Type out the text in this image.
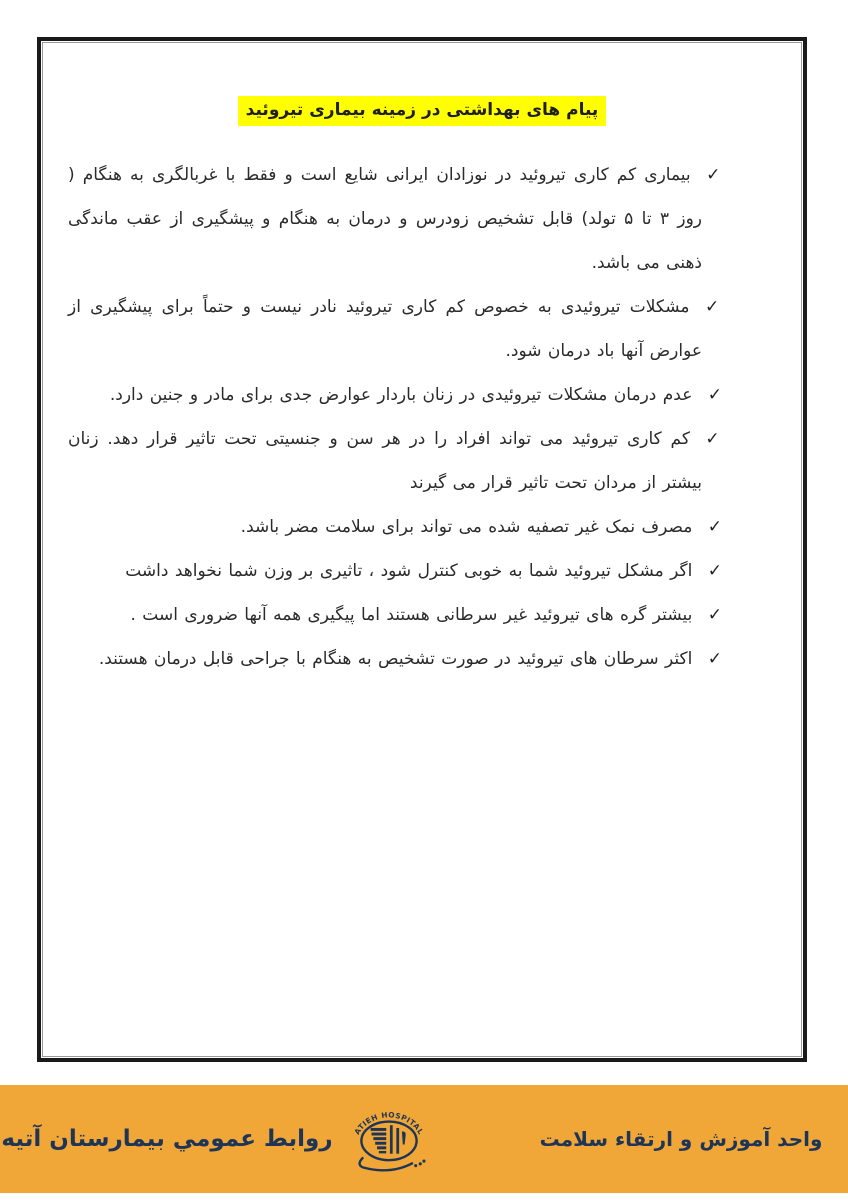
پیام های بهداشتی در زمینه بیماری تیروئید
✓ بیماری کم کاری تیروئید در نوزادان ایرانی شایع است و فقط با غربالگری به هنگام ( روز ۳ تا ۵ تولد) قابل تشخیص زودرس و درمان به هنگام و پیشگیری از عقب ماندگی ذهنی می باشد.
✓ مشکلات تیروئیدی به خصوص کم کاری تیروئید نادر نیست و حتماً برای پیشگیری از عوارض آنها باد درمان شود.
✓ عدم درمان مشکلات تیروئیدی در زنان باردار عوارض جدی برای مادر و جنین دارد.
✓ کم کاری تیروئید می تواند افراد را در هر سن و جنسیتی تحت تاثیر قرار دهد. زنان بیشتر از مردان تحت تاثیر قرار می گیرند
✓ مصرف نمک غیر تصفیه شده می تواند برای سلامت مضر باشد.
✓ اگر مشکل تیروئید شما به خوبی کنترل شود ، تاثیری بر وزن شما نخواهد داشت
✓ بیشتر گره های تیروئید غیر سرطانی هستند اما پیگیری همه آنها ضروری است .
✓ اکثر سرطان های تیروئید در صورت تشخیص به هنگام با جراحی قابل درمان هستند.
روابط عمومي بیمارستان آتیه ATIEH HOSPITAL	واحد آموزش و ارتقاء سلامت
